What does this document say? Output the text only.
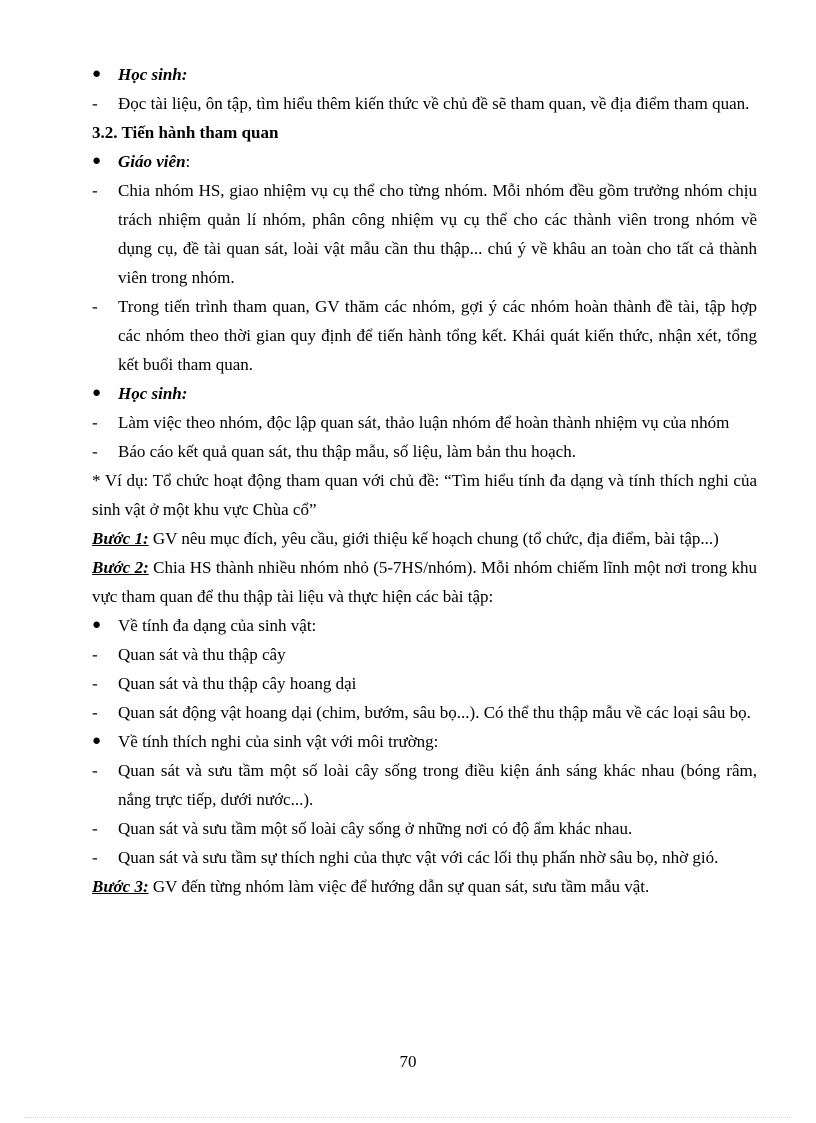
● Học sinh:
-	Đọc tài liệu, ôn tập, tìm hiểu thêm kiến thức về chủ đề sẽ tham quan, về địa điểm tham quan.
3.2. Tiến hành tham quan
● Giáo viên:
-	Chia nhóm HS, giao nhiệm vụ cụ thể cho từng nhóm. Mỗi nhóm đều gồm trưởng nhóm chịu trách nhiệm quản lí nhóm, phân công nhiệm vụ cụ thể cho các thành viên trong nhóm về dụng cụ, đề tài quan sát, loài vật mẫu cần thu thập... chú ý về khâu an toàn cho tất cả thành viên trong nhóm.
-	Trong tiến trình tham quan, GV thăm các nhóm, gợi ý các nhóm hoàn thành đề tài, tập hợp các nhóm theo thời gian quy định để tiến hành tổng kết. Khái quát kiến thức, nhận xét, tổng kết buổi tham quan.
● Học sinh:
-	Làm việc theo nhóm, độc lập quan sát, thảo luận nhóm để hoàn thành nhiệm vụ của nhóm
-	Báo cáo kết quả quan sát, thu thập mẫu, số liệu, làm bản thu hoạch.
* Ví dụ: Tổ chức hoạt động tham quan với chủ đề: “Tìm hiểu tính đa dạng và tính thích nghi của sinh vật ở một khu vực Chùa cổ”
Bước 1: GV nêu mục đích, yêu cầu, giới thiệu kế hoạch chung (tổ chức, địa điểm, bài tập...)
Bước 2: Chia HS thành nhiều nhóm nhỏ (5-7HS/nhóm). Mỗi nhóm chiếm lĩnh một nơi trong khu vực tham quan để thu thập tài liệu và thực hiện các bài tập:
● Về tính đa dạng của sinh vật:
-	Quan sát và thu thập cây
-	Quan sát và thu thập cây hoang dại
-	Quan sát động vật hoang dại (chim, bướm, sâu bọ...). Có thể thu thập mẫu về các loại sâu bọ.
● Về tính thích nghi của sinh vật với môi trường:
-	Quan sát và sưu tầm một số loài cây sống trong điều kiện ánh sáng khác nhau (bóng râm, nắng trực tiếp, dưới nước...).
-	Quan sát và sưu tầm một số loài cây sống ở những nơi có độ ẩm khác nhau.
-	Quan sát và sưu tầm sự thích nghi của thực vật với các lối thụ phấn nhờ sâu bọ, nhờ gió.
Bước 3: GV đến từng nhóm làm việc để hướng dẫn sự quan sát, sưu tầm mẫu vật.
70
